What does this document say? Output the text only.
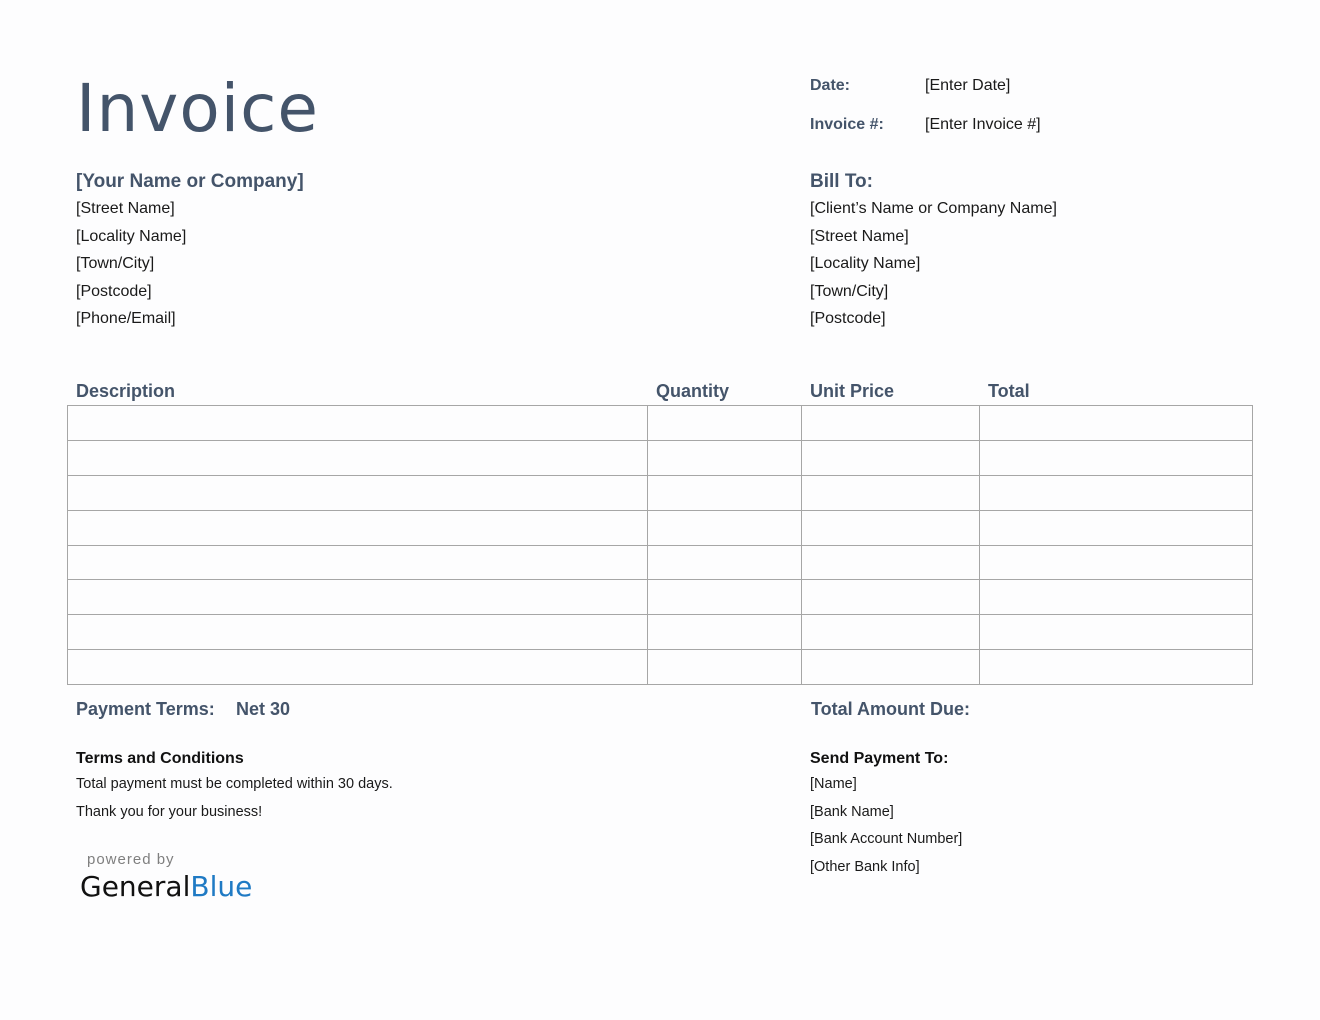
Invoice	Date:	[Enter Date]
Invoice #:	[Enter Invoice #]
[Your Name or Company]
[Street Name]
[Locality Name]
[Town/City]
[Postcode]
[Phone/Email]
Bill To:
[Client’s Name or Company Name]
[Street Name]
[Locality Name]
[Town/City]
[Postcode]
Description	Quantity	Unit Price	Total

Payment Terms: Net 30	Total Amount Due:
Terms and Conditions
Total payment must be completed within 30 days.
Thank you for your business!
Send Payment To:
[Name]
[Bank Name]
[Bank Account Number]
[Other Bank Info]
powered by
GeneralBlue
